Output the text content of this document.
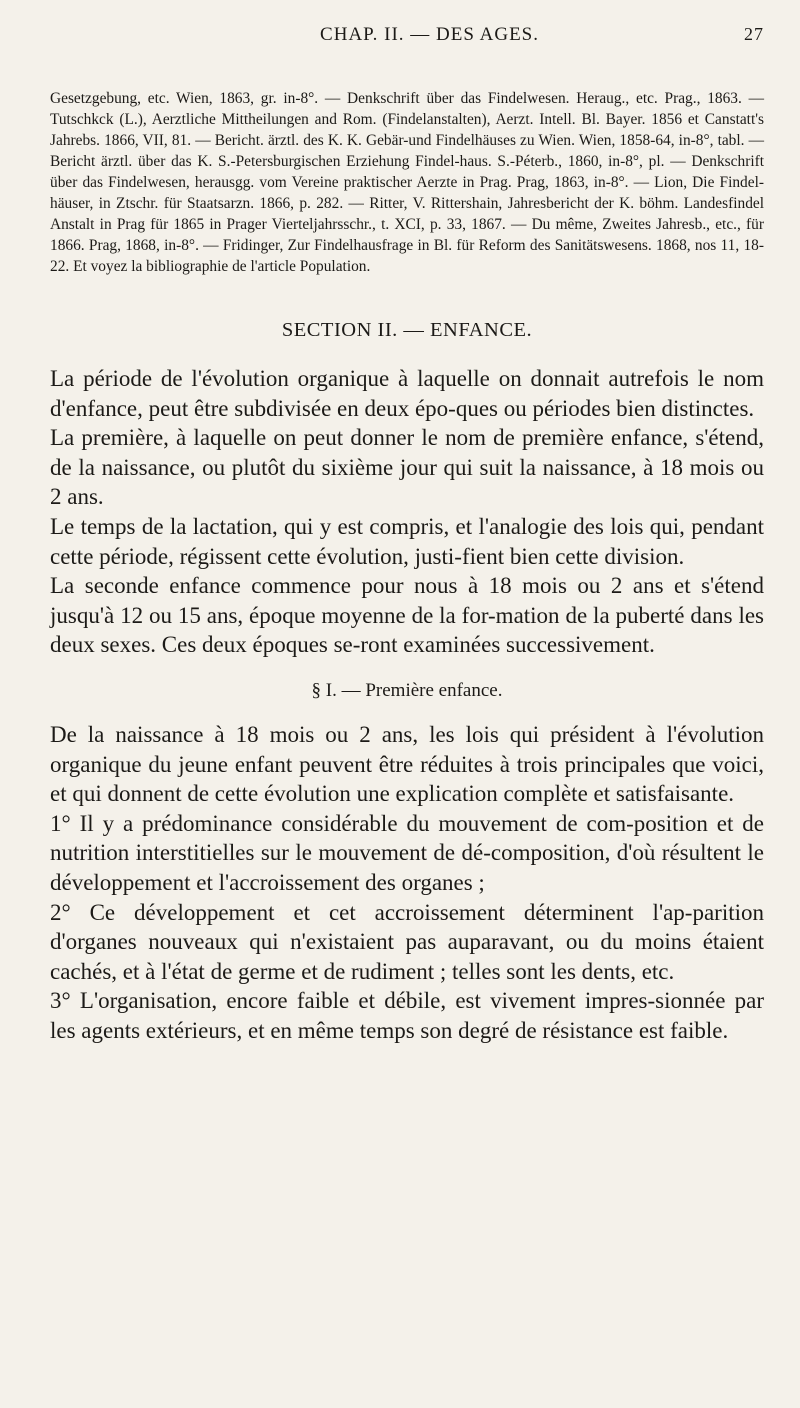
CHAP. II. — DES AGES.	27

Gesetzgebung, etc. Wien, 1863, gr. in-8°. — Denkschrift über das Findelwesen. Heraug., etc. Prag., 1863. — Tutschkck (L.), Aerztliche Mittheilungen and Rom. (Findelanstalten), Aerzt. Intell. Bl. Bayer. 1856 et Canstatt's Jahrebs. 1866, VII, 81. — Bericht. ärztl. des K. K. Gebär-und Findelhäuses zu Wien. Wien, 1858-64, in-8°, tabl. — Bericht ärztl. über das K. S.-Petersburgischen Erziehung Findel-haus. S.-Péterb., 1860, in-8°, pl. — Denkschrift über das Findelwesen, herausgg. vom Vereine praktischer Aerzte in Prag. Prag, 1863, in-8°. — Lion, Die Findel-häuser, in Ztschr. für Staatsarzn. 1866, p. 282. — Ritter, V. Rittershain, Jahresbericht der K. böhm. Landesfindel Anstalt in Prag für 1865 in Prager Vierteljahrsschr., t. XCI, p. 33, 1867. — Du même, Zweites Jahresb., etc., für 1866. Prag, 1868, in-8°. — Fridinger, Zur Findelhausfrage in Bl. für Reform des Sanitätswesens. 1868, nos 11, 18-22. Et voyez la bibliographie de l'article Population.

SECTION II. — ENFANCE.

La période de l'évolution organique à laquelle on donnait autrefois le nom d'enfance, peut être subdivisée en deux épo-ques ou périodes bien distinctes.

La première, à laquelle on peut donner le nom de première enfance, s'étend, de la naissance, ou plutôt du sixième jour qui suit la naissance, à 18 mois ou 2 ans.

Le temps de la lactation, qui y est compris, et l'analogie des lois qui, pendant cette période, régissent cette évolution, justi-fient bien cette division.

La seconde enfance commence pour nous à 18 mois ou 2 ans et s'étend jusqu'à 12 ou 15 ans, époque moyenne de la for-mation de la puberté dans les deux sexes. Ces deux époques se-ront examinées successivement.

§ I. — Première enfance.

De la naissance à 18 mois ou 2 ans, les lois qui président à l'évolution organique du jeune enfant peuvent être réduites à trois principales que voici, et qui donnent de cette évolution une explication complète et satisfaisante.

1° Il y a prédominance considérable du mouvement de com-position et de nutrition interstitielles sur le mouvement de dé-composition, d'où résultent le développement et l'accroissement des organes ;

2° Ce développement et cet accroissement déterminent l'ap-parition d'organes nouveaux qui n'existaient pas auparavant, ou du moins étaient cachés, et à l'état de germe et de rudiment ; telles sont les dents, etc.

3° L'organisation, encore faible et débile, est vivement impres-sionnée par les agents extérieurs, et en même temps son degré de résistance est faible.
